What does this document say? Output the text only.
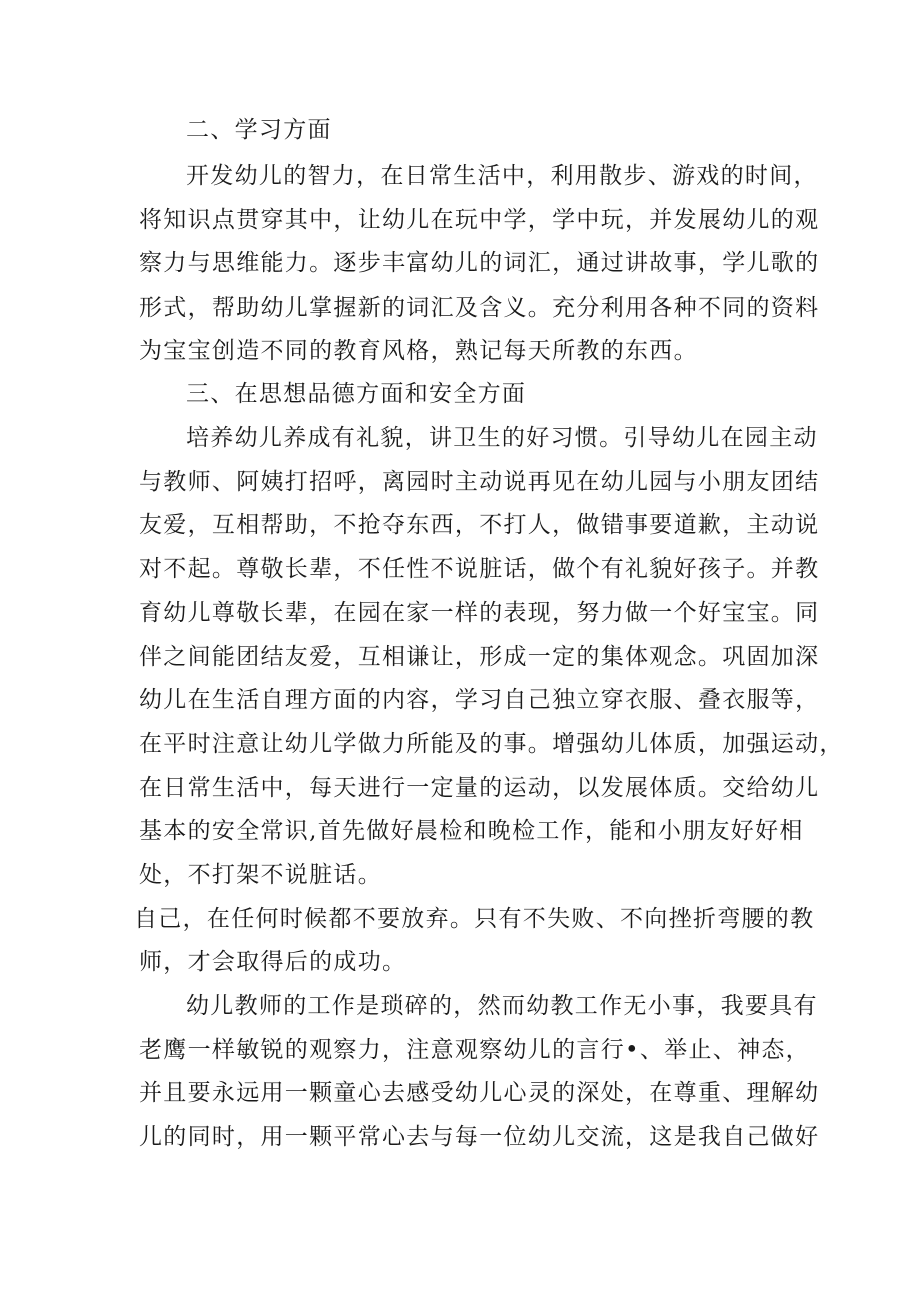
二、学习方面
开发幼儿的智力，在日常生活中，利用散步、游戏的时间，
将知识点贯穿其中，让幼儿在玩中学，学中玩，并发展幼儿的观
察力与思维能力。逐步丰富幼儿的词汇，通过讲故事，学儿歌的
形式，帮助幼儿掌握新的词汇及含义。充分利用各种不同的资料
为宝宝创造不同的教育风格，熟记每天所教的东西。
三、在思想品德方面和安全方面
培养幼儿养成有礼貌，讲卫生的好习惯。引导幼儿在园主动
与教师、阿姨打招呼，离园时主动说再见在幼儿园与小朋友团结
友爱，互相帮助，不抢夺东西，不打人，做错事要道歉，主动说
对不起。尊敬长辈，不任性不说脏话，做个有礼貌好孩子。并教
育幼儿尊敬长辈，在园在家一样的表现，努力做一个好宝宝。同
伴之间能团结友爱，互相谦让，形成一定的集体观念。巩固加深
幼儿在生活自理方面的内容，学习自己独立穿衣服、叠衣服等，
在平时注意让幼儿学做力所能及的事。增强幼儿体质，加强运动，
在日常生活中，每天进行一定量的运动，以发展体质。交给幼儿
基本的安全常识,首先做好晨检和晚检工作，能和小朋友好好相
处，不打架不说脏话。
自己，在任何时候都不要放弃。只有不失败、不向挫折弯腰的教
师，才会取得后的成功。
幼儿教师的工作是琐碎的，然而幼教工作无小事，我要具有
老鹰一样敏锐的观察力，注意观察幼儿的言行•、举止、神态，
并且要永远用一颗童心去感受幼儿心灵的深处，在尊重、理解幼
儿的同时，用一颗平常心去与每一位幼儿交流，这是我自己做好
